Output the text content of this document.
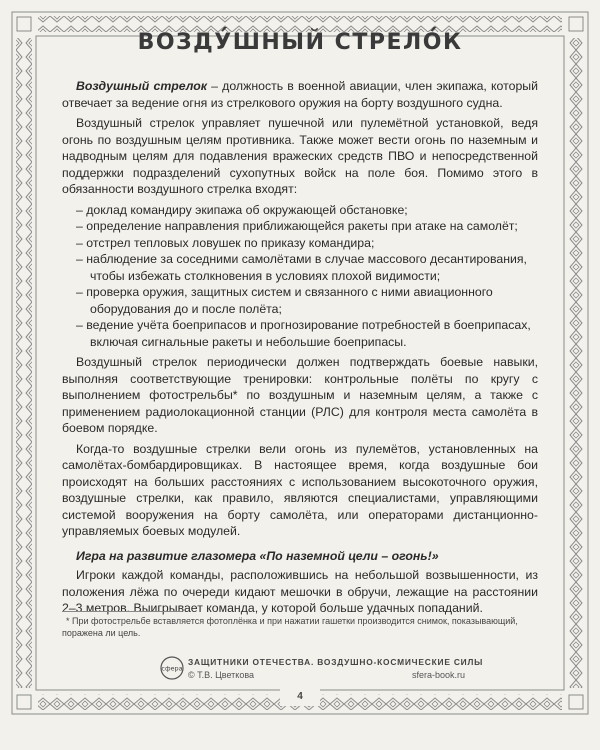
ВОЗДУ́ШНЫЙ СТРЕЛО́К

Воздушный стрелок – должность в военной авиации, член экипажа, который отвечает за ведение огня из стрелкового оружия на борту воздушного судна.

Воздушный стрелок управляет пушечной или пулемётной установкой, ведя огонь по воздушным целям противника. Также может вести огонь по наземным и надводным целям для подавления вражеских средств ПВО и непосредственной поддержки подразделений сухопутных войск на поле боя. Помимо этого в обязанности воздушного стрелка входят:

– доклад командиру экипажа об окружающей обстановке;
– определение направления приближающейся ракеты при атаке на самолёт;
– отстрел тепловых ловушек по приказу командира;
– наблюдение за соседними самолётами в случае массового десантирования, чтобы избежать столкновения в условиях плохой видимости;
– проверка оружия, защитных систем и связанного с ними авиационного оборудования до и после полёта;
– ведение учёта боеприпасов и прогнозирование потребностей в боеприпасах, включая сигнальные ракеты и небольшие боеприпасы.

Воздушный стрелок периодически должен подтверждать боевые навыки, выполняя соответствующие тренировки: контрольные полёты по кругу с выполнением фотострельбы* по воздушным и наземным целям, а также с применением радиолокационной станции (РЛС) для контроля места самолёта в боевом порядке.

Когда-то воздушные стрелки вели огонь из пулемётов, установленных на самолётах-бомбардировщиках. В настоящее время, когда воздушные бои происходят на больших расстояниях с использованием высокоточного оружия, воздушные стрелки, как правило, являются специалистами, управляющими системой вооружения на борту самолёта, или операторами дистанционно-управляемых боевых модулей.

Игра на развитие глазомера «По наземной цели – огонь!»

Игроки каждой команды, расположившись на небольшой возвышенности, из положения лёжа по очереди кидают мешочки в обручи, лежащие на расстоянии 2–3 метров. Выигрывает команда, у которой больше удачных попаданий.

* При фотострельбе вставляется фотоплёнка и при нажатии гашетки производится снимок, показывающий, поражена ли цель.
сфера
ЗАЩИТНИКИ ОТЕЧЕСТВА. ВОЗДУШНО-КОСМИЧЕСКИЕ СИЛЫ
© Т.В. Цветкова	sfera-book.ru
4
